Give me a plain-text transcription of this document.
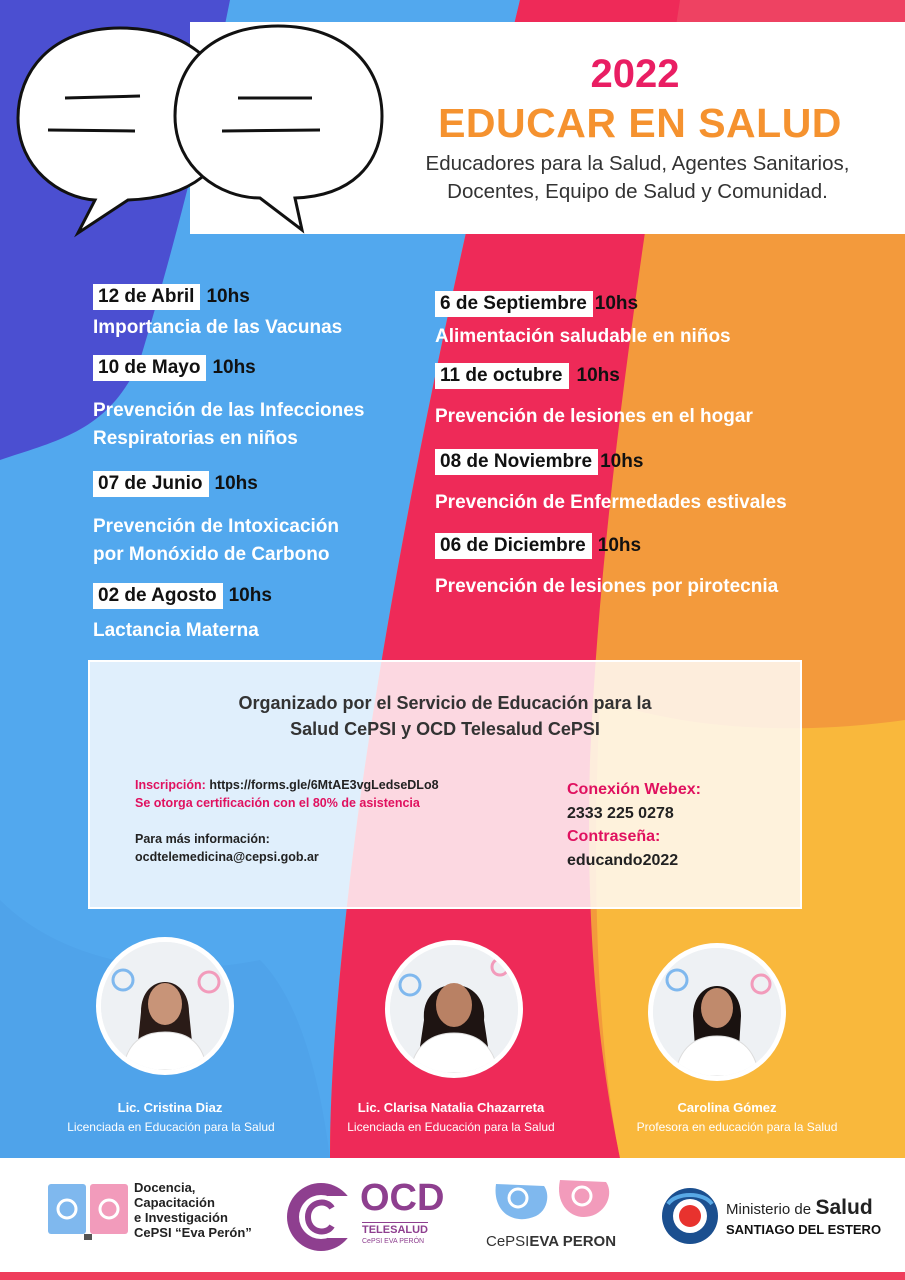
2022
EDUCAR EN SALUD
Educadores para la Salud, Agentes Sanitarios,
Docentes, Equipo de Salud y Comunidad.
12 de Abril 10hs
Importancia de las Vacunas
10 de Mayo 10hs
Prevención de las Infecciones
Respiratorias en niños
07 de Junio 10hs
Prevención de Intoxicación
por Monóxido de Carbono
02 de Agosto 10hs
Lactancia Materna
6 de Septiembre 10hs
Alimentación saludable en niños
11 de octubre 10hs
Prevención de lesiones en el hogar
08 de Noviembre 10hs
Prevención de Enfermedades estivales
06 de Diciembre 10hs
Prevención de lesiones por pirotecnia
Organizado por el Servicio de Educación para la
Salud CePSI y OCD Telesalud CePSI
Inscripción: https://forms.gle/6MtAE3vgLedseDLo8
Se otorga certificación con el 80% de asistencia
Para más información:
ocdtelemedicina@cepsi.gob.ar
Conexión Webex:
2333 225 0278
Contraseña:
educando2022
Lic. Cristina Diaz
Licenciada en Educación para la Salud
Lic. Clarisa Natalia Chazarreta
Licenciada en Educación para la Salud
Carolina Gómez
Profesora en educación para la Salud
Docencia,
Capacitación
e Investigación
CePSI “Eva Perón”
OCD
TELESALUD
CePSI EVA PERÓN	CePSIEVA PERON
Ministerio de Salud
SANTIAGO DEL ESTERO
